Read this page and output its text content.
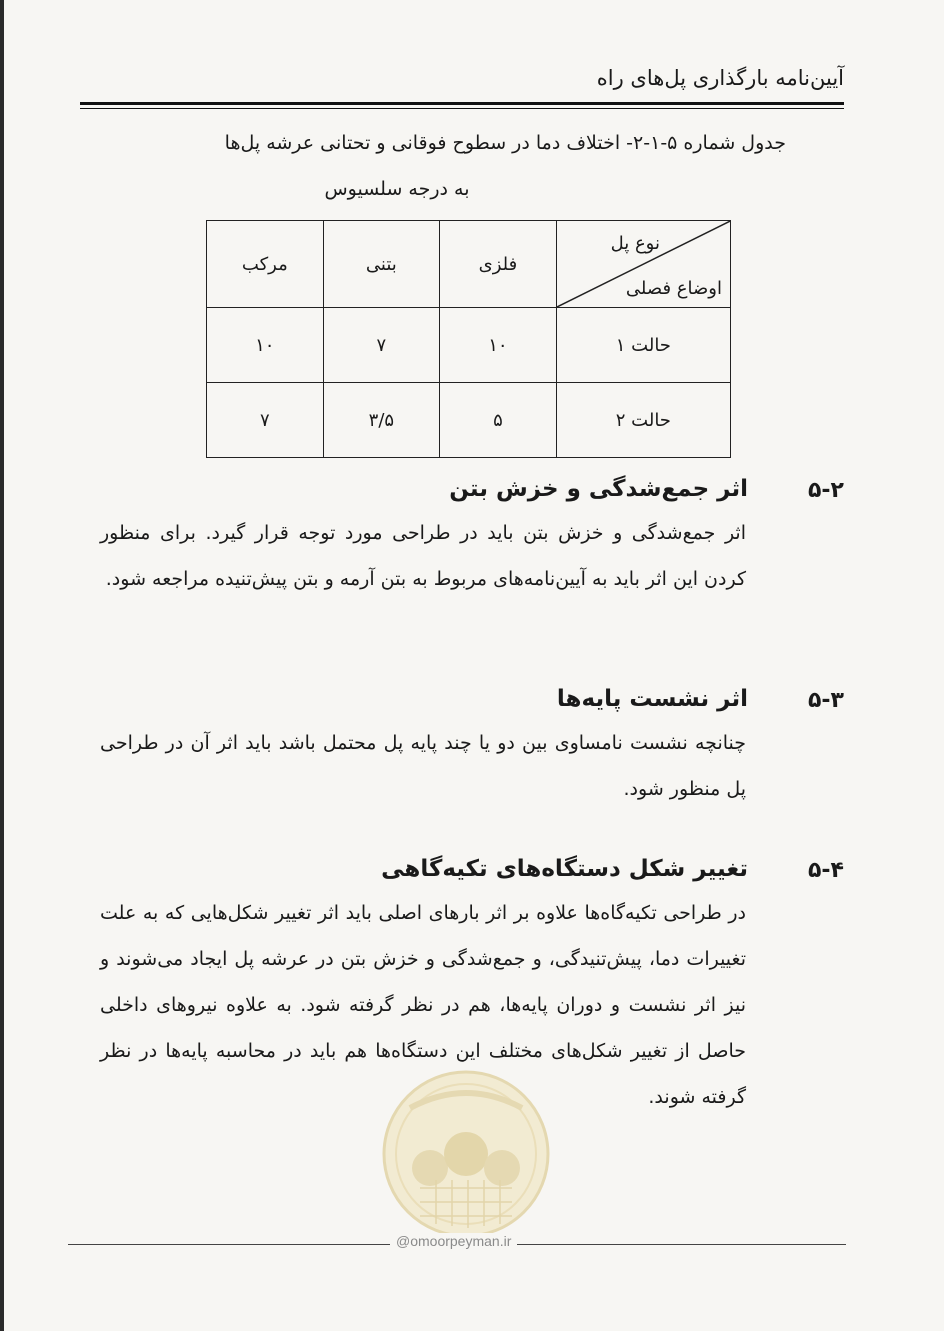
آیین‌نامه بارگذاری پل‌های راه
جدول شماره ۵-۱-۲- اختلاف دما در سطوح فوقانی و تحتانی عرشه پل‌ها
به درجه سلسیوس
مرکب	بتنی	فلزی	نوع پل
اوضاع فصلی

۱۰	۷	۱۰	حالت ۱
۷	۳/۵	۵	حالت ۲
۵-۲
اثر جمع‌شدگی و خزش بتن

اثر جمع‌شدگی و خزش بتن باید در طراحی مورد توجه قرار گیرد. برای منظور کردن این اثر باید به آیین‌نامه‌های مربوط به بتن آرمه و بتن پیش‌تنیده مراجعه شود.

۵-۳
اثر نشست پایه‌ها

چنانچه نشست نامساوی بین دو یا چند پایه پل محتمل باشد باید اثر آن در طراحی پل منظور شود.

۵-۴
تغییر شکل دستگاه‌های تکیه‌گاهی

در طراحی تکیه‌گاه‌ها علاوه بر اثر بارهای اصلی باید اثر تغییر شکل‌هایی که به علت تغییرات دما، پیش‌تنیدگی، و جمع‌شدگی و خزش بتن در عرشه پل ایجاد می‌شوند و نیز اثر نشست و دوران پایه‌ها، هم در نظر گرفته شود. به علاوه نیروهای داخلی حاصل از تغییر شکل‌های مختلف این دستگاه‌ها هم باید در محاسبه پایه‌ها در نظر گرفته شوند.

@omoorpeyman.ir
